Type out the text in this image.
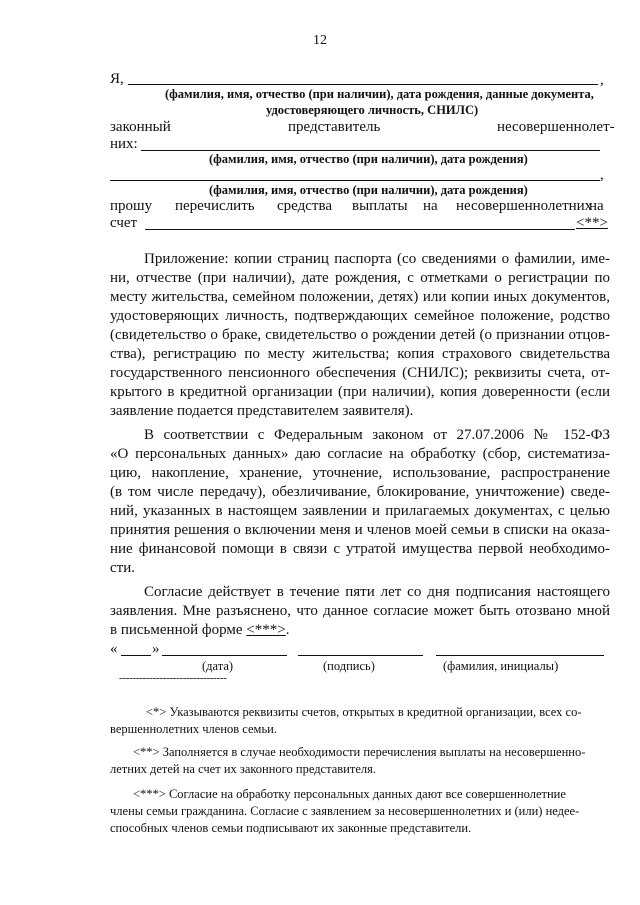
12
Я,	,
(фамилия, имя, отчество (при наличии), дата рождения, данные документа,
удостоверяющего личность, СНИЛС)
законный	представитель	несовершеннолет-
них:
(фамилия, имя, отчество (при наличии), дата рождения)
,
(фамилия, имя, отчество (при наличии), дата рождения)
прошу перечислить средства выплаты на несовершеннолетних
на
счет	<**>
Приложение: копии страниц паспорта (со сведениями о фамилии, име-
ни, отчестве (при наличии), дате рождения, с отметками о регистрации по
месту жительства, семейном положении, детях) или копии иных документов,
удостоверяющих личность, подтверждающих семейное положение, родство
(свидетельство о браке, свидетельство о рождении детей (о признании отцов-
ства), регистрацию по месту жительства; копия страхового свидетельства
государственного пенсионного обеспечения (СНИЛС); реквизиты счета, от-
крытого в кредитной организации (при наличии), копия доверенности (если
заявление подается представителем заявителя).
В соответствии с Федеральным законом от 27.07.2006 № 152-ФЗ
«О персональных данных» даю согласие на обработку (сбор, систематиза-
цию, накопление, хранение, уточнение, использование, распространение
(в том числе передачу), обезличивание, блокирование, уничтожение) сведе-
ний, указанных в настоящем заявлении и прилагаемых документах, с целью
принятия решения о включении меня и членов моей семьи в списки на оказа-
ние финансовой помощи в связи с утратой имущества первой необходимо-
сти.
Согласие действует в течение пяти лет со дня подписания настоящего
заявления. Мне разъяснено, что данное согласие может быть отозвано мной
в письменной форме <***>.
« »
(дата)	(подпись)	(фамилия, инициалы)
--------------------------------
<*> Указываются реквизиты счетов, открытых в кредитной организации, всех со-
вершеннолетних членов семьи.
<**> Заполняется в случае необходимости перечисления выплаты на несовершенно-
летних детей на счет их законного представителя.
<***> Согласие на обработку персональных данных дают все совершеннолетние
члены семьи гражданина. Согласие с заявлением за несовершеннолетних и (или) недее-
способных членов семьи подписывают их законные представители.
